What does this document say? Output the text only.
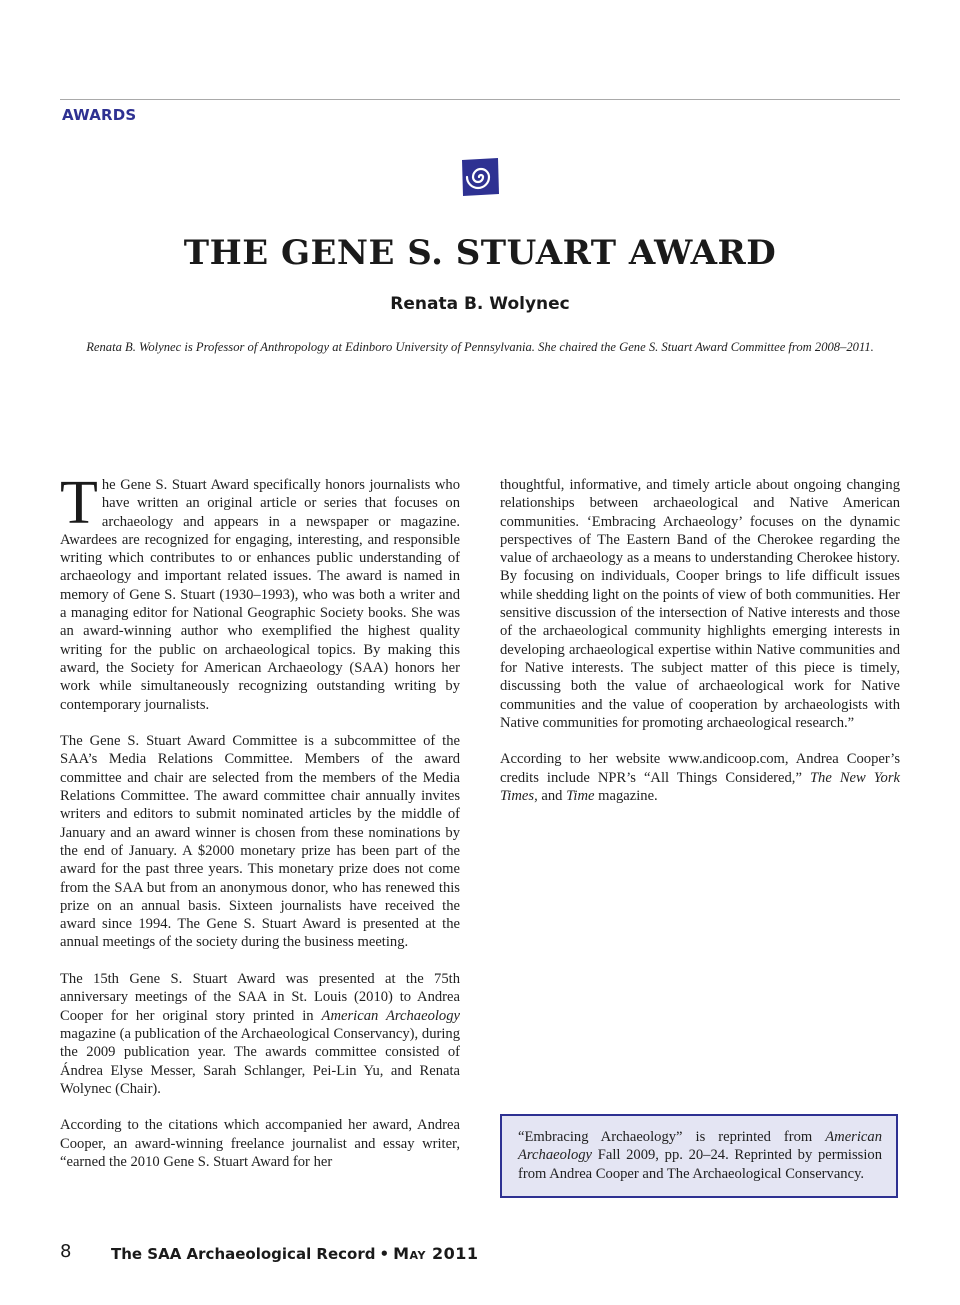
AWARDS
THE GENE S. STUART AWARD
Renata B. Wolynec
Renata B. Wolynec is Professor of Anthropology at Edinboro University of Pennsylvania. She chaired the Gene S. Stuart Award Committee from 2008–2011.

The Gene S. Stuart Award specifically honors journalists who have written an original article or series that focuses on archaeology and appears in a newspaper or magazine. Awardees are recognized for engaging, interesting, and responsible writing which contributes to or enhances public understanding of archaeology and important related issues. The award is named in memory of Gene S. Stuart (1930–1993), who was both a writer and a managing editor for National Geographic Society books. She was an award-winning author who exemplified the highest quality writing for the public on archaeological topics. By making this award, the Society for American Archaeology (SAA) honors her work while simultaneously recognizing outstanding writing by contemporary journalists.

The Gene S. Stuart Award Committee is a subcommittee of the SAA’s Media Relations Committee. Members of the award committee and chair are selected from the members of the Media Relations Committee. The award committee chair annually invites writers and editors to submit nominated articles by the middle of January and an award winner is chosen from these nominations by the end of January. A $2000 monetary prize has been part of the award for the past three years. This monetary prize does not come from the SAA but from an anonymous donor, who has renewed this prize on an annual basis. Sixteen journalists have received the award since 1994. The Gene S. Stuart Award is presented at the annual meetings of the society during the business meeting.

The 15th Gene S. Stuart Award was presented at the 75th anniversary meetings of the SAA in St. Louis (2010) to Andrea Cooper for her original story printed in American Archaeology magazine (a publication of the Archaeological Conservancy), during the 2009 publication year. The awards committee consisted of Ándrea Elyse Messer, Sarah Schlanger, Pei-Lin Yu, and Renata Wolynec (Chair).

According to the citations which accompanied her award, Andrea Cooper, an award-winning freelance journalist and essay writer, “earned the 2010 Gene S. Stuart Award for her

thoughtful, informative, and timely article about ongoing changing relationships between archaeological and Native American communities. ‘Embracing Archaeology’ focuses on the dynamic perspectives of The Eastern Band of the Cherokee regarding the value of archaeology as a means to understanding Cherokee history. By focusing on individuals, Cooper brings to life difficult issues while shedding light on the points of view of both communities. Her sensitive discussion of the intersection of Native interests and those of the archaeological community highlights emerging interests in developing archaeological expertise within Native communities and for Native interests. The subject matter of this piece is timely, discussing both the value of archaeological work for Native communities and the value of cooperation by archaeologists with Native communities for promoting archaeological research.”

According to her website www.andicoop.com, Andrea Cooper’s credits include NPR’s “All Things Considered,” The New York Times, and Time magazine.

“Embracing Archaeology” is reprinted from American Archaeology Fall 2009, pp. 20–24. Reprinted by permission from Andrea Cooper and The Archaeological Conservancy.
8	The SAA Archaeological Record • May 2011
